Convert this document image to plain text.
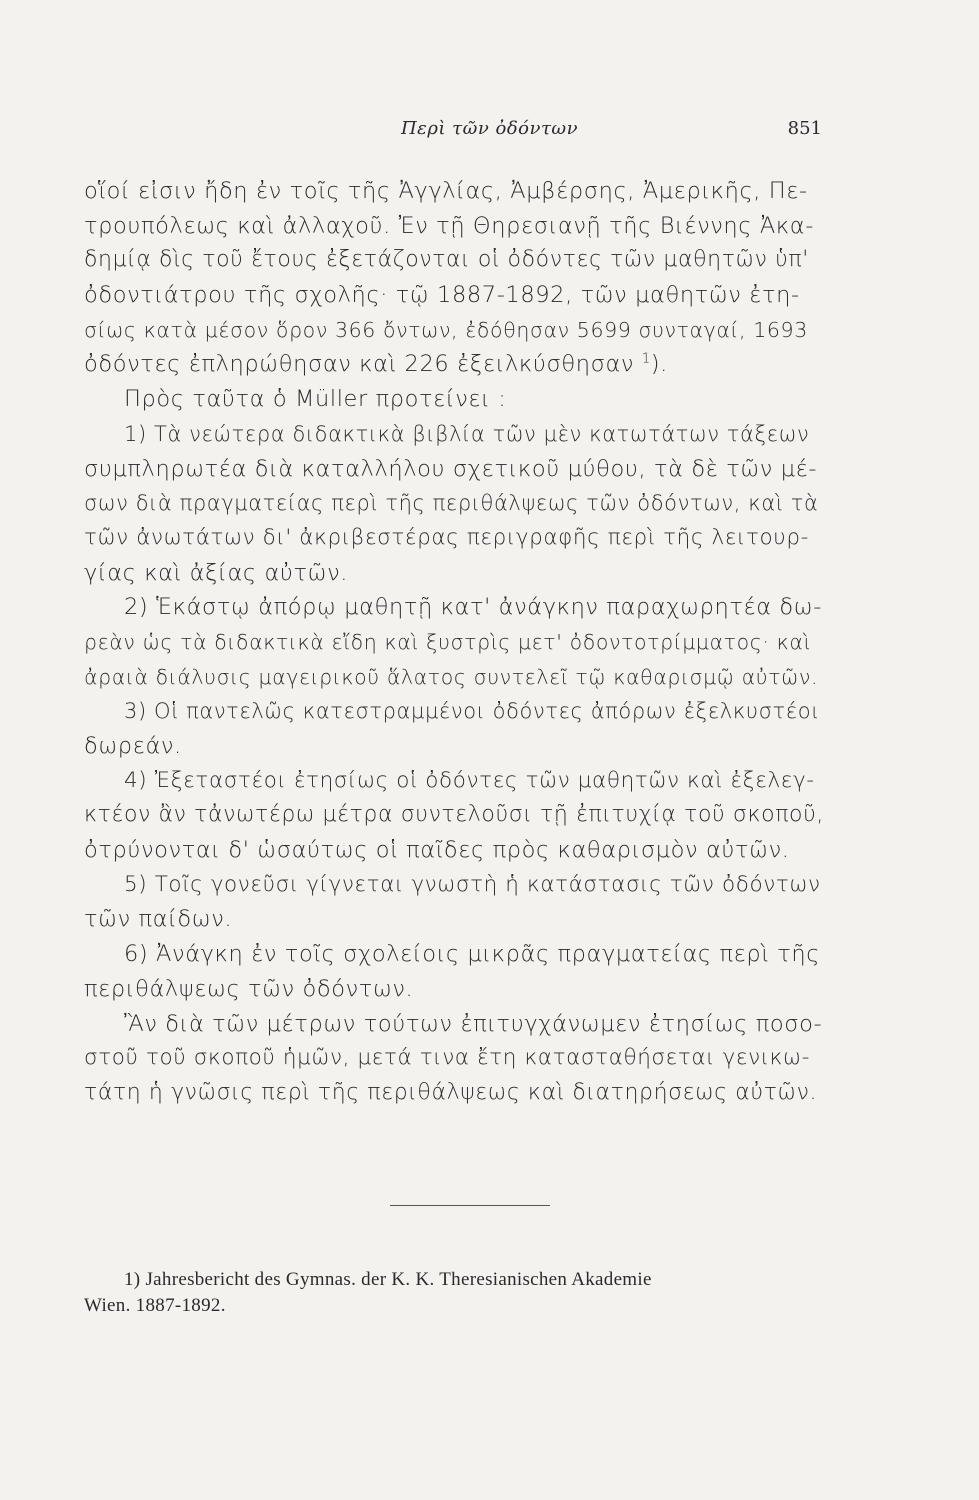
Περὶ τῶν ὀδόντων	851
οἵοί εἰσιν ἤδη ἐν τοῖς τῆς Ἀγγλίας, Ἀμβέρσης, Ἀμερικῆς, Πε-
τρουπόλεως καὶ ἀλλαχοῦ. Ἐν τῇ Θηρεσιανῇ τῆς Βιέννης Ἀκα-
δημίᾳ δὶς τοῦ ἔτους ἐξετάζονται οἱ ὀδόντες τῶν μαθητῶν ὑπ'
ὀδοντιάτρου τῆς σχολῆς· τῷ 1887-1892, τῶν μαθητῶν ἐτη-
σίως κατὰ μέσον ὅρον 366 ὄντων, ἐδόθησαν 5699 συνταγαί, 1693
ὀδόντες ἐπληρώθησαν καὶ 226 ἐξειλκύσθησαν $^1$).
Πρὸς ταῦτα ὁ Müller προτείνει :
1) Τὰ νεώτερα διδακτικὰ βιβλία τῶν μὲν κατωτάτων τάξεων
συμπληρωτέα διὰ καταλλήλου σχετικοῦ μύθου, τὰ δὲ τῶν μέ-
σων διὰ πραγματείας περὶ τῆς περιθάλψεως τῶν ὀδόντων, καὶ τὰ
τῶν ἀνωτάτων δι' ἀκριβεστέρας περιγραφῆς περὶ τῆς λειτουρ-
γίας καὶ ἀξίας αὐτῶν.
2) Ἑκάστῳ ἀπόρῳ μαθητῇ κατ' ἀνάγκην παραχωρητέα δω-
ρεὰν ὡς τὰ διδακτικὰ εἴδη καὶ ξυστρὶς μετ' ὀδοντοτρίμματος· καὶ
ἀραιὰ διάλυσις μαγειρικοῦ ἅλατος συντελεῖ τῷ καθαρισμῷ αὐτῶν.
3) Οἱ παντελῶς κατεστραμμένοι ὀδόντες ἀπόρων ἐξελκυστέοι
δωρεάν.
4) Ἐξεταστέοι ἐτησίως οἱ ὀδόντες τῶν μαθητῶν καὶ ἐξελεγ-
κτέον ἂν τἀνωτέρω μέτρα συντελοῦσι τῇ ἐπιτυχίᾳ τοῦ σκοποῦ,
ὀτρύνονται δ' ὡσαύτως οἱ παῖδες πρὸς καθαρισμὸν αὐτῶν.
5) Τοῖς γονεῦσι γίγνεται γνωστὴ ἡ κατάστασις τῶν ὀδόντων
τῶν παίδων.
6) Ἀνάγκη ἐν τοῖς σχολείοις μικρᾶς πραγματείας περὶ τῆς
περιθάλψεως τῶν ὀδόντων.
Ἂν διὰ τῶν μέτρων τούτων ἐπιτυγχάνωμεν ἐτησίως ποσο-
στοῦ τοῦ σκοποῦ ἡμῶν, μετά τινα ἔτη κατασταθήσεται γενικω-
τάτη ἡ γνῶσις περὶ τῆς περιθάλψεως καὶ διατηρήσεως αὐτῶν.
1) Jahresbericht des Gymnas. der K. K. Theresianischen Akademie
Wien. 1887-1892.
